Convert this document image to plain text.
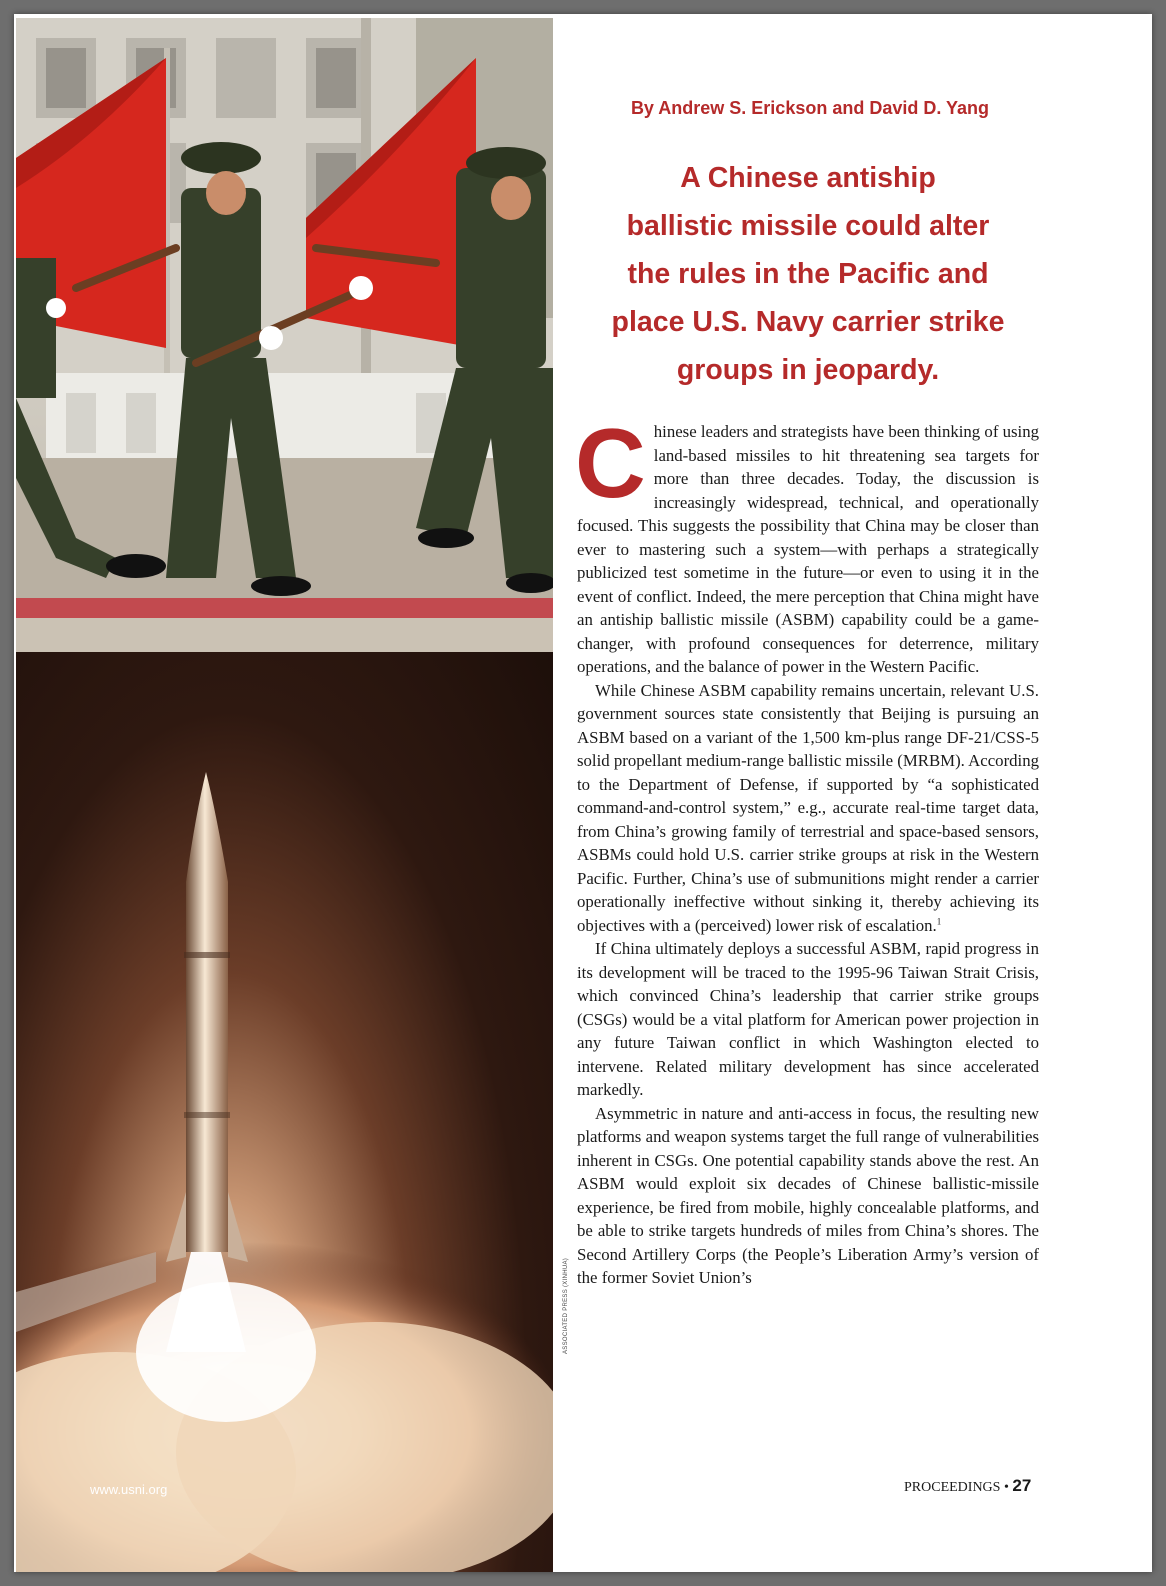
www.usni.org
ASSOCIATED PRESS (XINHUA)
By Andrew S. Erickson and David D. Yang
A Chinese antiship
ballistic missile could alter
the rules in the Pacific and
place U.S. Navy carrier strike
groups in jeopardy.

Chinese leaders and strategists have been thinking of using land-based missiles to hit threatening sea targets for more than three decades. Today, the discussion is increasingly widespread, technical, and operationally focused. This suggests the possibility that China may be closer than ever to mastering such a system—with perhaps a strategically publicized test sometime in the future—or even to using it in the event of conflict. Indeed, the mere perception that China might have an antiship ballistic missile (ASBM) capability could be a game-changer, with profound consequences for deterrence, military operations, and the balance of power in the Western Pacific.

While Chinese ASBM capability remains uncertain, relevant U.S. government sources state consistently that Beijing is pursuing an ASBM based on a variant of the 1,500 km-plus range DF-21/CSS-5 solid propellant medium-range ballistic missile (MRBM). According to the Department of Defense, if supported by “a sophisticated command-and-control system,” e.g., accurate real-time target data, from China’s growing family of terrestrial and space-based sensors, ASBMs could hold U.S. carrier strike groups at risk in the Western Pacific. Further, China’s use of submunitions might render a carrier operationally ineffective without sinking it, thereby achieving its objectives with a (perceived) lower risk of escalation.$^1$

If China ultimately deploys a successful ASBM, rapid progress in its development will be traced to the 1995-96 Taiwan Strait Crisis, which convinced China’s leadership that carrier strike groups (CSGs) would be a vital platform for American power projection in any future Taiwan conflict in which Washington elected to intervene. Related military development has since accelerated markedly.

Asymmetric in nature and anti-access in focus, the resulting new platforms and weapon systems target the full range of vulnerabilities inherent in CSGs. One potential capability stands above the rest. An ASBM would exploit six decades of Chinese ballistic-missile experience, be fired from mobile, highly concealable platforms, and be able to strike targets hundreds of miles from China’s shores. The Second Artillery Corps (the People’s Liberation Army’s version of the former Soviet Union’s

PROCEEDINGS • 27
